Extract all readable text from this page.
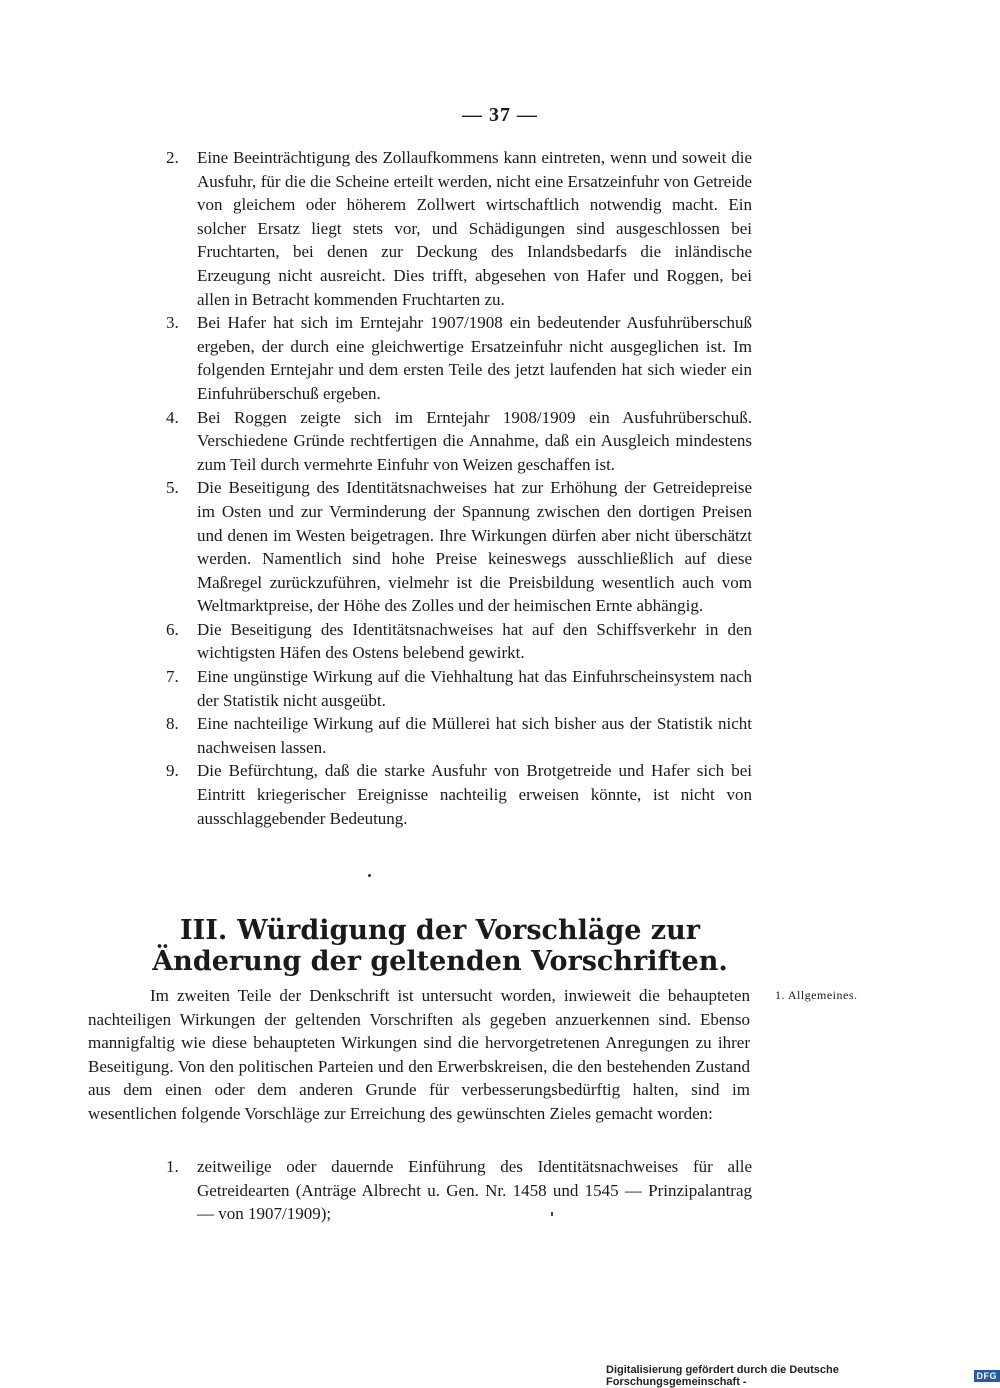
— 37 —
2.	Eine Beeinträchtigung des Zollaufkommens kann eintreten, wenn und soweit die Ausfuhr, für die die Scheine erteilt werden, nicht eine Ersatzeinfuhr von Getreide von gleichem oder höherem Zollwert wirtschaftlich notwendig macht. Ein solcher Ersatz liegt stets vor, und Schädigungen sind ausgeschlossen bei Fruchtarten, bei denen zur Deckung des Inlandsbedarfs die inländische Erzeugung nicht ausreicht. Dies trifft, abgesehen von Hafer und Roggen, bei allen in Betracht kommenden Fruchtarten zu.
3.	Bei Hafer hat sich im Erntejahr 1907/1908 ein bedeutender Ausfuhrüberschuß ergeben, der durch eine gleichwertige Ersatzeinfuhr nicht ausgeglichen ist. Im folgenden Erntejahr und dem ersten Teile des jetzt laufenden hat sich wieder ein Einfuhrüberschuß ergeben.
4.	Bei Roggen zeigte sich im Erntejahr 1908/1909 ein Ausfuhrüberschuß. Verschiedene Gründe rechtfertigen die Annahme, daß ein Ausgleich mindestens zum Teil durch vermehrte Einfuhr von Weizen geschaffen ist.
5.	Die Beseitigung des Identitätsnachweises hat zur Erhöhung der Getreidepreise im Osten und zur Verminderung der Spannung zwischen den dortigen Preisen und denen im Westen beigetragen. Ihre Wirkungen dürfen aber nicht überschätzt werden. Namentlich sind hohe Preise keineswegs ausschließlich auf diese Maßregel zurückzuführen, vielmehr ist die Preisbildung wesentlich auch vom Weltmarktpreise, der Höhe des Zolles und der heimischen Ernte abhängig.
6.	Die Beseitigung des Identitätsnachweises hat auf den Schiffsverkehr in den wichtigsten Häfen des Ostens belebend gewirkt.
7.	Eine ungünstige Wirkung auf die Viehhaltung hat das Einfuhrscheinsystem nach der Statistik nicht ausgeübt.
8.	Eine nachteilige Wirkung auf die Müllerei hat sich bisher aus der Statistik nicht nachweisen lassen.
9.	Die Befürchtung, daß die starke Ausfuhr von Brotgetreide und Hafer sich bei Eintritt kriegerischer Ereignisse nachteilig erweisen könnte, ist nicht von ausschlaggebender Bedeutung.
III. Würdigung der Vorschläge zur Änderung der geltenden Vorschriften.
1. Allgemeines.

Im zweiten Teile der Denkschrift ist untersucht worden, inwieweit die behaupteten nachteiligen Wirkungen der geltenden Vorschriften als gegeben anzuerkennen sind. Ebenso mannigfaltig wie diese behaupteten Wirkungen sind die hervorgetretenen Anregungen zu ihrer Beseitigung. Von den politischen Parteien und den Erwerbskreisen, die den bestehenden Zustand aus dem einen oder dem anderen Grunde für verbesserungsbedürftig halten, sind im wesentlichen folgende Vorschläge zur Erreichung des gewünschten Zieles gemacht worden:

1.	zeitweilige oder dauernde Einführung des Identitätsnachweises für alle Getreidearten (Anträge Albrecht u. Gen. Nr. 1458 und 1545 — Prinzipalantrag — von 1907/1909);
Digitalisierung gefördert durch die Deutsche Forschungsgemeinschaft -	DFG
